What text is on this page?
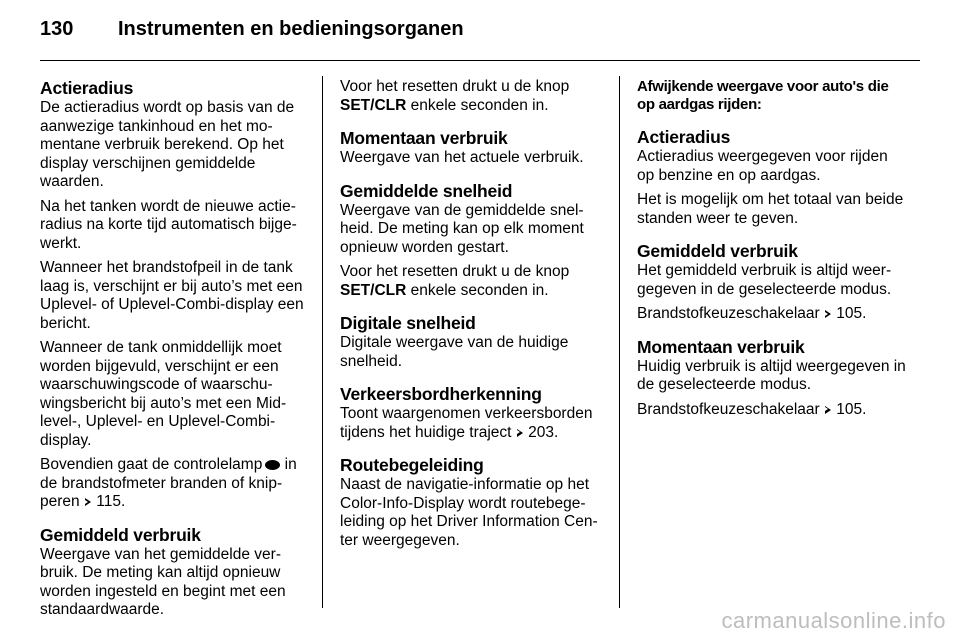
130 Instrumenten en bedieningsorganen
Actieradius

De actieradius wordt op basis van de aanwezige tankinhoud en het momentane verbruik berekend. Op het display verschijnen gemiddelde waarden.

Na het tanken wordt de nieuwe actieradius na korte tijd automatisch bijgewerkt.

Wanneer het brandstofpeil in de tank laag is, verschijnt er bij auto’s met een Uplevel- of Uplevel-Combi-display een bericht.

Wanneer de tank onmiddellijk moet worden bijgevuld, verschijnt er een waarschuwingscode of waarschuwingsbericht bij auto’s met een Midlevel-, Uplevel- en Uplevel-Combi-display.

Bovendien gaat de controlelamp in de brandstofmeter branden of knipperen 115.

Gemiddeld verbruik

Weergave van het gemiddelde verbruik. De meting kan altijd opnieuw worden ingesteld en begint met een standaardwaarde.

Voor het resetten drukt u de knop SET/CLR enkele seconden in.

Momentaan verbruik

Weergave van het actuele verbruik.

Gemiddelde snelheid

Weergave van de gemiddelde snelheid. De meting kan op elk moment opnieuw worden gestart.

Voor het resetten drukt u de knop SET/CLR enkele seconden in.

Digitale snelheid

Digitale weergave van de huidige snelheid.

Verkeersbordherkenning

Toont waargenomen verkeersborden tijdens het huidige traject 203.

Routebegeleiding

Naast de navigatie-informatie op het Color-Info-Display wordt routebegeleiding op het Driver Information Center weergegeven.

Afwijkende weergave voor auto's die op aardgas rijden:
Actieradius

Actieradius weergegeven voor rijden op benzine en op aardgas.

Het is mogelijk om het totaal van beide standen weer te geven.

Gemiddeld verbruik

Het gemiddeld verbruik is altijd weergegeven in de geselecteerde modus.

Brandstofkeuzeschakelaar 105.

Momentaan verbruik

Huidig verbruik is altijd weergegeven in de geselecteerde modus.

Brandstofkeuzeschakelaar 105.

carmanualsonline.info
